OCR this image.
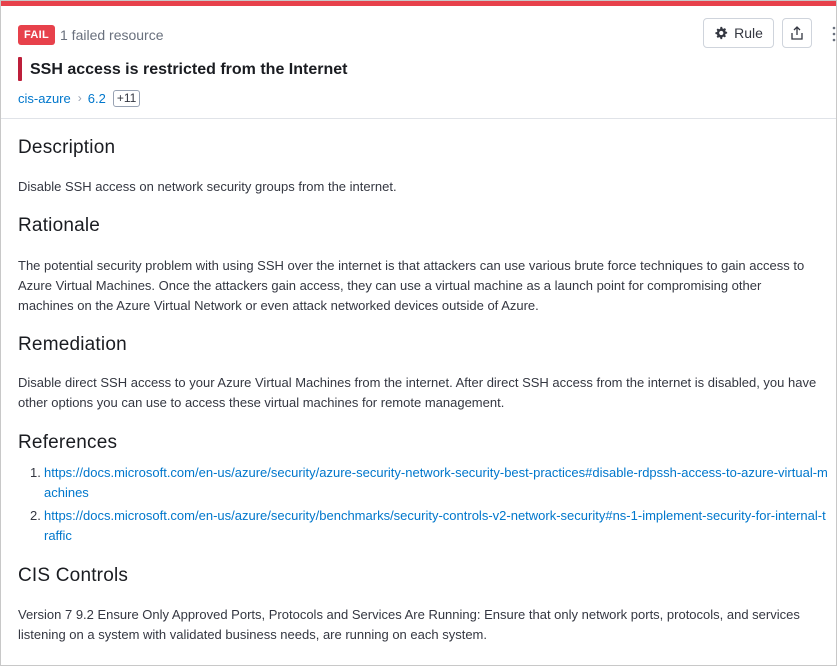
FAIL 1 failed resource	Rule
SSH access is restricted from the Internet
cis-azure › 6.2 +11
Description

Disable SSH access on network security groups from the internet.

Rationale

The potential security problem with using SSH over the internet is that attackers can use various brute force techniques to gain access to Azure Virtual Machines. Once the attackers gain access, they can use a virtual machine as a launch point for compromising other machines on the Azure Virtual Network or even attack networked devices outside of Azure.

Remediation

Disable direct SSH access to your Azure Virtual Machines from the internet. After direct SSH access from the internet is disabled, you have other options you can use to access these virtual machines for remote management.

References
1. https://docs.microsoft.com/en-us/azure/security/azure-security-network-security-best-practices#disable-rdpssh-access-to-azure-virtual-machines
2. https://docs.microsoft.com/en-us/azure/security/benchmarks/security-controls-v2-network-security#ns-1-implement-security-for-internal-traffic
CIS Controls

Version 7 9.2 Ensure Only Approved Ports, Protocols and Services Are Running: Ensure that only network ports, protocols, and services listening on a system with validated business needs, are running on each system.
